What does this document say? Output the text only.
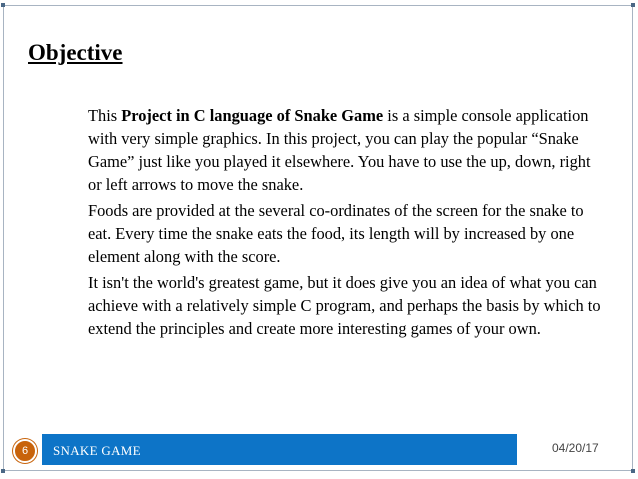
Objective
This Project in C language of Snake Game is a simple console application with very simple graphics. In this project, you can play the popular “Snake Game” just like you played it elsewhere. You have to use the up, down, right or left arrows to move the snake.
Foods are provided at the several co-ordinates of the screen for the snake to eat. Every time the snake eats the food, its length will by increased by one element along with the score.
It isn't the world's greatest game, but it does give you an idea of what you can achieve with a relatively simple C program, and perhaps the basis by which to extend the principles and create more interesting games of your own.
6	SNAKE GAME	04/20/17
